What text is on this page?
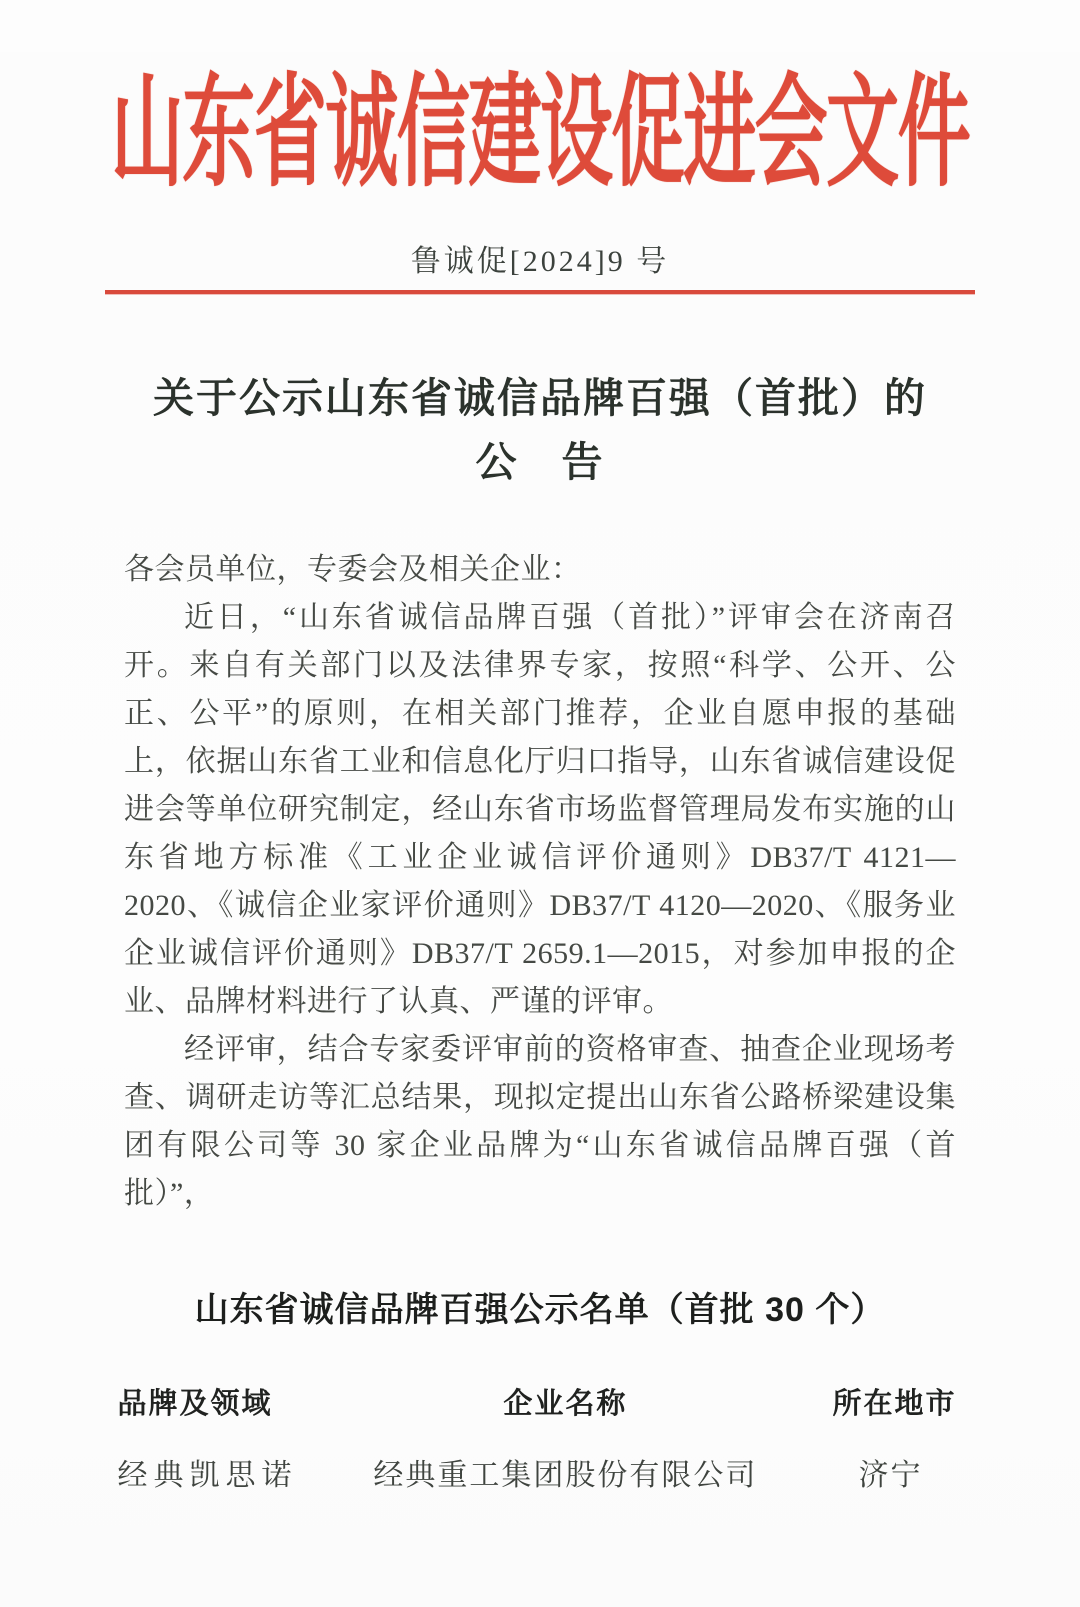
山东省诚信建设促进会文件
鲁诚促[2024]9 号
关于公示山东省诚信品牌百强（首批）的
公　告
各会员单位，专委会及相关企业：
近日，“山东省诚信品牌百强（首批）”评审会在济南召开。来自有关部门以及法律界专家，按照“科学、公开、公正、公平”的原则，在相关部门推荐，企业自愿申报的基础上，依据山东省工业和信息化厅归口指导，山东省诚信建设促进会等单位研究制定，经山东省市场监督管理局发布实施的山东省地方标准《工业企业诚信评价通则》DB37/T 4121—2020、《诚信企业家评价通则》DB37/T 4120—2020、《服务业企业诚信评价通则》DB37/T 2659.1—2015，对参加申报的企业、品牌材料进行了认真、严谨的评审。
经评审，结合专家委评审前的资格审查、抽查企业现场考查、调研走访等汇总结果，现拟定提出山东省公路桥梁建设集团有限公司等 30 家企业品牌为“山东省诚信品牌百强（首批）”，
山东省诚信品牌百强公示名单（首批 30 个）
品牌及领域	企业名称	所在地市
经典凯思诺	经典重工集团股份有限公司	济宁
